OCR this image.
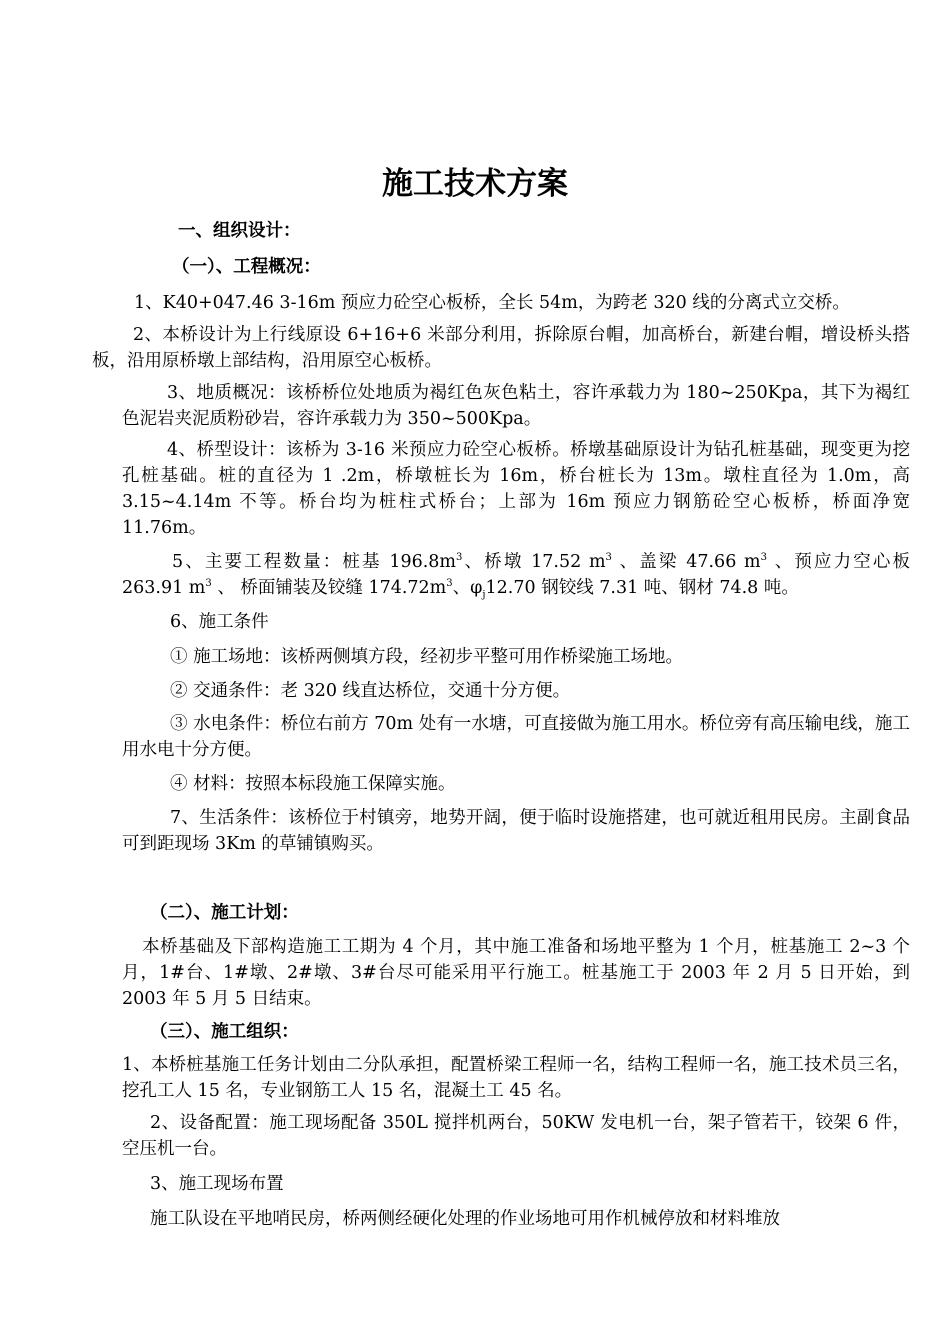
施工技术方案

一、组织设计：

（一）、工程概况：

1、K40+047.46 3-16m 预应力砼空心板桥，全长 54m，为跨老 320 线的分离式立交桥。

2、本桥设计为上行线原设 6+16+6 米部分利用，拆除原台帽，加高桥台，新建台帽，增设桥头搭板，沿用原桥墩上部结构，沿用原空心板桥。

3、地质概况：该桥桥位处地质为褐红色灰色粘土，容许承载力为 180~250Kpa，其下为褐红色泥岩夹泥质粉砂岩，容许承载力为 350~500Kpa。

4、桥型设计：该桥为 3-16 米预应力砼空心板桥。桥墩基础原设计为钻孔桩基础，现变更为挖孔桩基础。桩的直径为 1 .2m，桥墩桩长为 16m，桥台桩长为 13m。墩柱直径为 1.0m，高 3.15~4.14m 不等。桥台均为桩柱式桥台；上部为 16m 预应力钢筋砼空心板桥，桥面净宽 11.76m。

5、主要工程数量：桩基 $196.8m^3$、桥墩 17.52 $m^3$ 、盖梁 47.66 $m^3$ 、预应力空心板 263.91 $m^3$ 、 桥面铺装及铰缝 $174.72m^3$、$\varphi_j12.70$ 钢铰线 7.31 吨、钢材 74.8 吨。

6、施工条件

① 施工场地：该桥两侧填方段，经初步平整可用作桥梁施工场地。

② 交通条件：老 320 线直达桥位，交通十分方便。

③ 水电条件：桥位右前方 70m 处有一水塘，可直接做为施工用水。桥位旁有高压输电线，施工用水电十分方便。

④ 材料：按照本标段施工保障实施。

7、生活条件：该桥位于村镇旁，地势开阔，便于临时设施搭建，也可就近租用民房。主副食品可到距现场 3Km 的草铺镇购买。

（二）、施工计划：

本桥基础及下部构造施工工期为 4 个月，其中施工准备和场地平整为 1 个月，桩基施工 2~3 个月，1#台、1#墩、2#墩、3#台尽可能采用平行施工。桩基施工于 2003 年 2 月 5 日开始，到 2003 年 5 月 5 日结束。

（三）、施工组织：

1、本桥桩基施工任务计划由二分队承担，配置桥梁工程师一名，结构工程师一名，施工技术员三名，挖孔工人 15 名，专业钢筋工人 15 名，混凝土工 45 名。

2、设备配置：施工现场配备 350L 搅拌机两台，50KW 发电机一台，架子管若干，铰架 6 件，空压机一台。

3、施工现场布置

施工队设在平地哨民房，桥两侧经硬化处理的作业场地可用作机械停放和材料堆放
